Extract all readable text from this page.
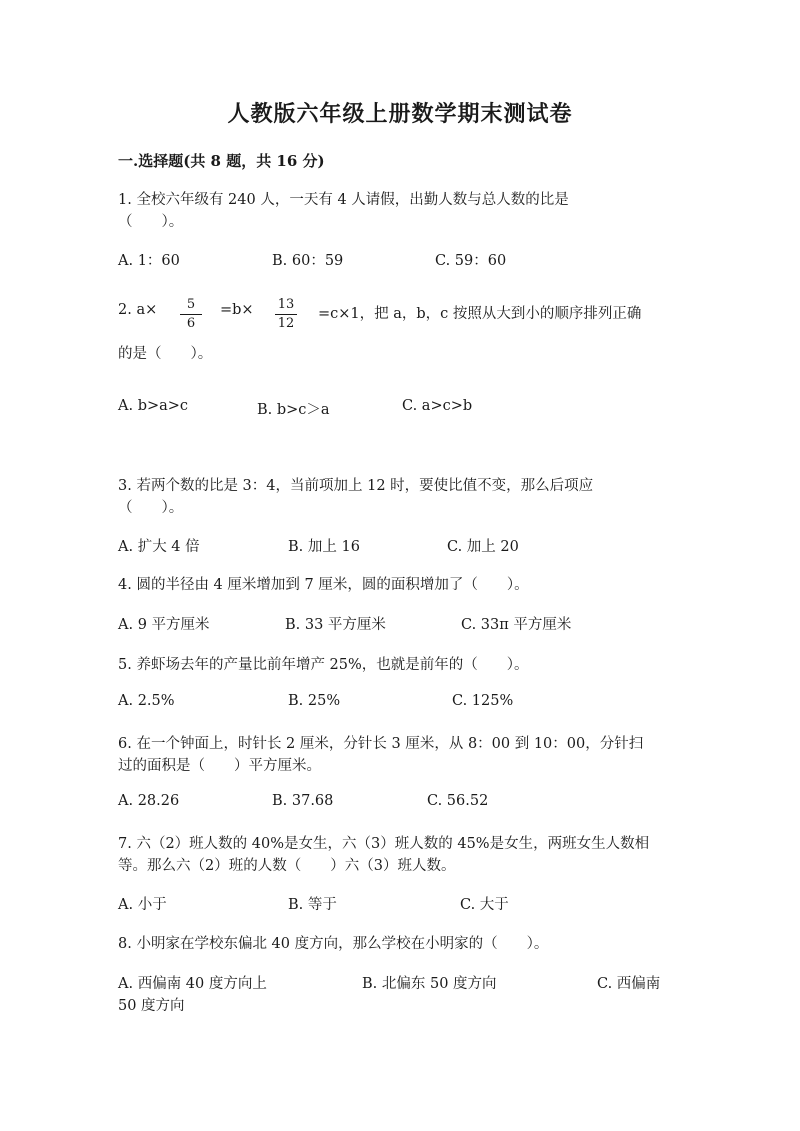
人教版六年级上册数学期末测试卷
一.选择题(共 8 题，共 16 分)
1. 全校六年级有 240 人，一天有 4 人请假，出勤人数与总人数的比是
（　　）。
A. 1：60	B. 60：59	C. 59：60
2. a×	5
6
=b× 13
12
=c×1，把 a，b，c 按照从大到小的顺序排列正确
的是（　　）。
A. b>a>c	B. b>c＞a	C. a>c>b
3. 若两个数的比是 3：4，当前项加上 12 时，要使比值不变，那么后项应
（　　）。
A. 扩大 4 倍	B. 加上 16	C. 加上 20
4. 圆的半径由 4 厘米增加到 7 厘米，圆的面积增加了（　　）。
A. 9 平方厘米	B. 33 平方厘米	C. 33π 平方厘米
5. 养虾场去年的产量比前年增产 25%，也就是前年的（　　）。
A. 2.5%	B. 25%	C. 125%
6. 在一个钟面上，时针长 2 厘米，分针长 3 厘米，从 8：00 到 10：00，分针扫
过的面积是（　　）平方厘米。
A. 28.26	B. 37.68	C. 56.52
7. 六（2）班人数的 40%是女生，六（3）班人数的 45%是女生，两班女生人数相
等。那么六（2）班的人数（　　）六（3）班人数。
A. 小于	B. 等于	C. 大于
8. 小明家在学校东偏北 40 度方向，那么学校在小明家的（　　）。
A. 西偏南 40 度方向上	B. 北偏东 50 度方向	C. 西偏南
50 度方向
